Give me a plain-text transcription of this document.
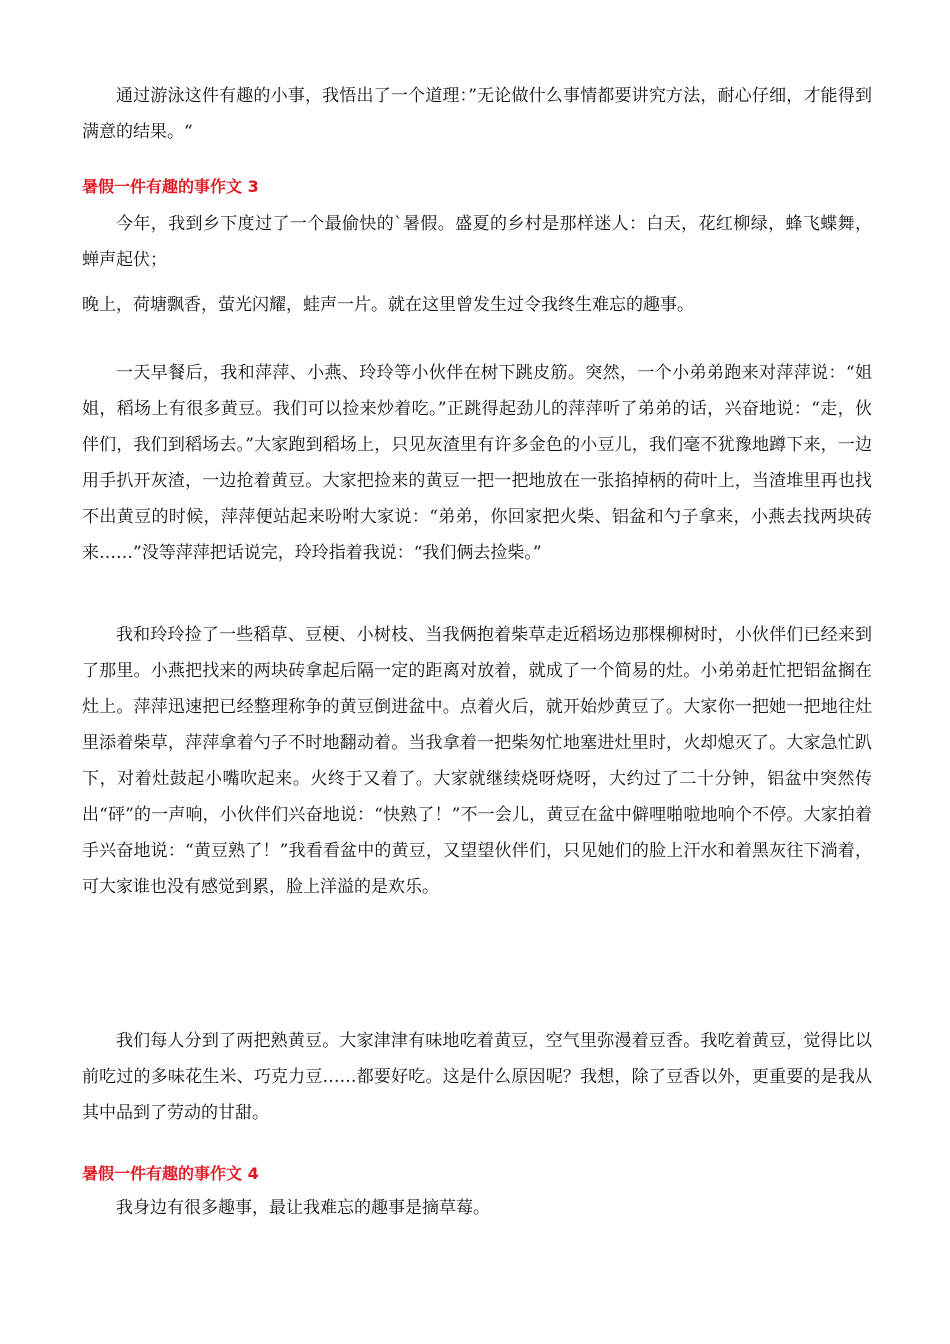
通过游泳这件有趣的小事，我悟出了一个道理：”无论做什么事情都要讲究方法，耐心仔细，才能得到满意的结果。“

暑假一件有趣的事作文 3

今年，我到乡下度过了一个最偷快的`暑假。盛夏的乡村是那样迷人：白天，花红柳绿，蜂飞蝶舞，蝉声起伏；

晚上，荷塘飘香，萤光闪耀，蛙声一片。就在这里曾发生过令我终生难忘的趣事。

一天早餐后，我和萍萍、小燕、玲玲等小伙伴在树下跳皮筋。突然，一个小弟弟跑来对萍萍说：“姐姐，稻场上有很多黄豆。我们可以捡来炒着吃。”正跳得起劲儿的萍萍听了弟弟的话，兴奋地说：“走，伙伴们，我们到稻场去。”大家跑到稻场上，只见灰渣里有许多金色的小豆儿，我们毫不犹豫地蹲下来，一边用手扒开灰渣，一边抢着黄豆。大家把捡来的黄豆一把一把地放在一张掐掉柄的荷叶上，当渣堆里再也找不出黄豆的时候，萍萍便站起来吩咐大家说：“弟弟，你回家把火柴、铝盆和勺子拿来，小燕去找两块砖来……”没等萍萍把话说完，玲玲指着我说：“我们俩去捡柴。”

我和玲玲捡了一些稻草、豆梗、小树枝、当我俩抱着柴草走近稻场边那棵柳树时，小伙伴们已经来到了那里。小燕把找来的两块砖拿起后隔一定的距离对放着，就成了一个简易的灶。小弟弟赶忙把铝盆搁在灶上。萍萍迅速把已经整理称争的黄豆倒进盆中。点着火后，就开始炒黄豆了。大家你一把她一把地往灶里添着柴草，萍萍拿着勺子不时地翻动着。当我拿着一把柴匆忙地塞进灶里时，火却熄灭了。大家急忙趴下，对着灶鼓起小嘴吹起来。火终于又着了。大家就继续烧呀烧呀，大约过了二十分钟，铝盆中突然传出“砰”的一声响，小伙伴们兴奋地说：“快熟了！”不一会儿，黄豆在盆中僻哩啪啦地响个不停。大家拍着手兴奋地说：“黄豆熟了！”我看看盆中的黄豆，又望望伙伴们，只见她们的脸上汗水和着黑灰往下淌着，可大家谁也没有感觉到累，脸上洋溢的是欢乐。

我们每人分到了两把熟黄豆。大家津津有味地吃着黄豆，空气里弥漫着豆香。我吃着黄豆，觉得比以前吃过的多味花生米、巧克力豆……都要好吃。这是什么原因呢？我想，除了豆香以外，更重要的是我从其中品到了劳动的甘甜。

暑假一件有趣的事作文 4

我身边有很多趣事，最让我难忘的趣事是摘草莓。
